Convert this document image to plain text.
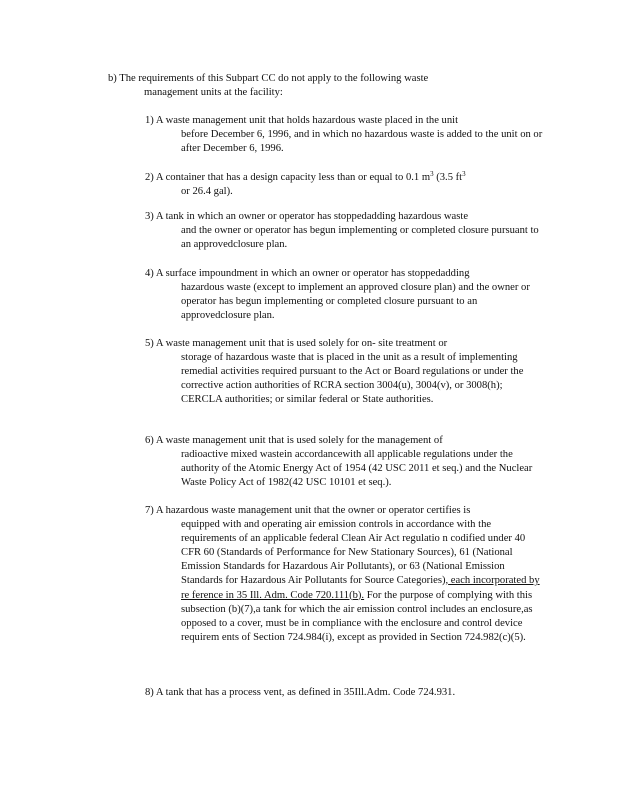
b) The requirements of this Subpart CC do not apply to the following waste
management units at the facility:
1) A waste management unit that holds hazardous waste placed in the unit
before December 6, 1996, and in which no hazardous waste is added to the unit on or after December 6, 1996.
2) A container that has a design capacity less than or equal to 0.1 $m^3$ (3.5 $ft^3$
or 26.4 gal).
3) A tank in which an owner or operator has stoppedadding hazardous waste
and the owner or operator has begun implementing or completed closure pursuant to an approvedclosure plan.
4) A surface impoundment in which an owner or operator has stoppedadding
hazardous waste (except to implement an approved closure plan) and the owner or operator has begun implementing or completed closure pursuant to an approvedclosure plan.
5) A waste management unit that is used solely for on- site treatment or
storage of hazardous waste that is placed in the unit as a result of implementing remedial activities required pursuant to the Act or Board regulations or under the corrective action authorities of RCRA section 3004(u), 3004(v), or 3008(h); CERCLA authorities; or similar federal or State authorities.
6) A waste management unit that is used solely for the management of
radioactive mixed wastein accordancewith all applicable regulations under the authority of the Atomic Energy Act of 1954 (42 USC 2011 et seq.) and the Nuclear Waste Policy Act of 1982(42 USC 10101 et seq.).
7) A hazardous waste management unit that the owner or operator certifies is
equipped with and operating air emission controls in accordance with the requirements of an applicable federal Clean Air Act regulatio n codified under 40 CFR 60 (Standards of Performance for New Stationary Sources), 61 (National Emission Standards for Hazardous Air Pollutants), or 63 (National Emission Standards for Hazardous Air Pollutants for Source Categories), each incorporated by re ference in 35 Ill. Adm. Code 720.111(b). For the purpose of complying with this subsection (b)(7),a tank for which the air emission control includes an enclosure,as opposed to a cover, must be in compliance with the enclosure and control device requirem ents of Section 724.984(i), except as provided in Section 724.982(c)(5).
8) A tank that has a process vent, as defined in 35Ill.Adm. Code 724.931.
